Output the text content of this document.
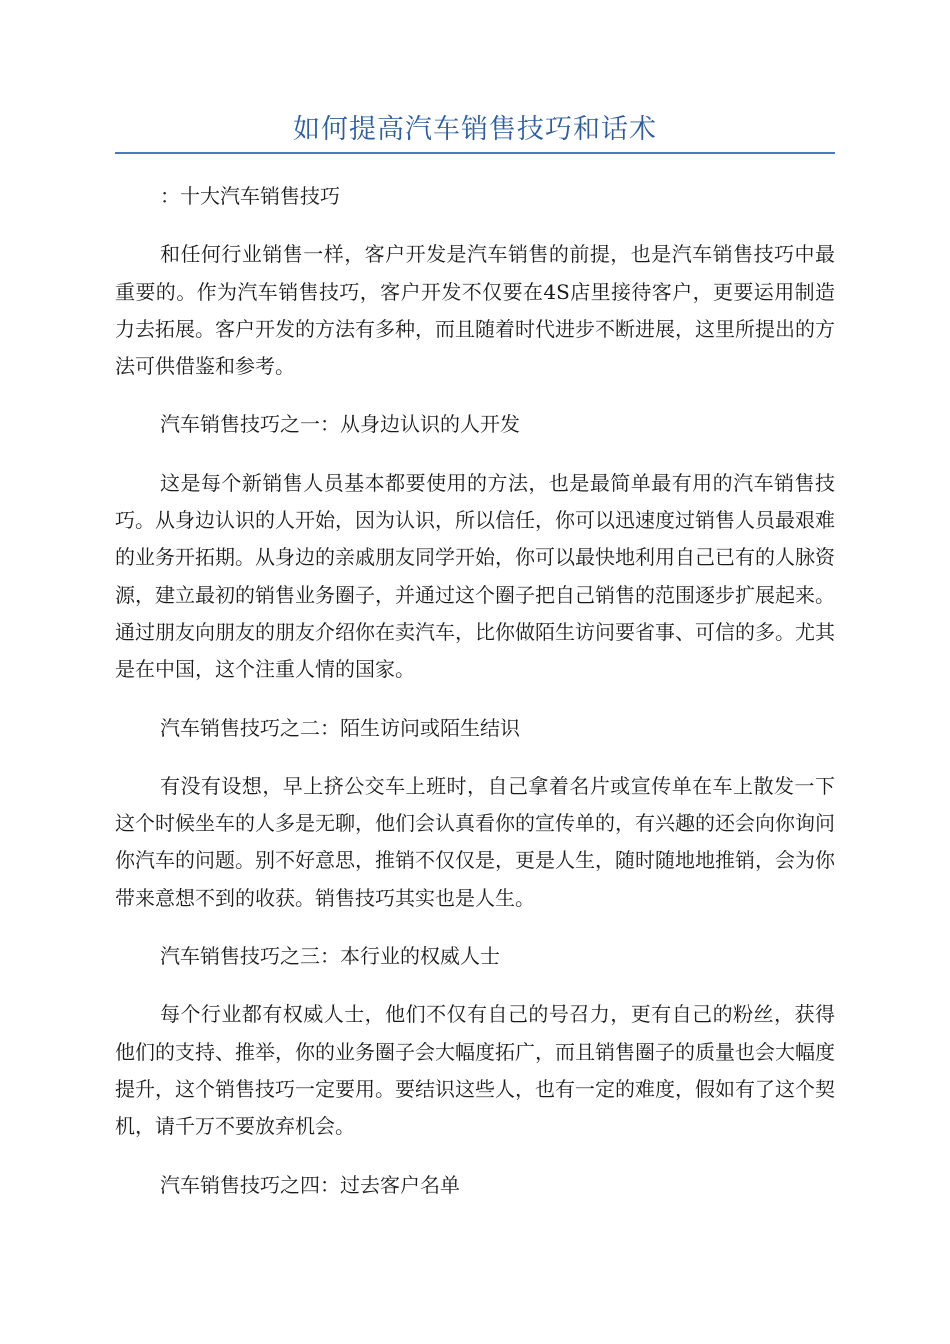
如何提高汽车销售技巧和话术

：十大汽车销售技巧

和任何行业销售一样，客户开发是汽车销售的前提，也是汽车销售技巧中最重要的。作为汽车销售技巧，客户开发不仅要在4S店里接待客户，更要运用制造力去拓展。客户开发的方法有多种，而且随着时代进步不断进展，这里所提出的方法可供借鉴和参考。

汽车销售技巧之一：从身边认识的人开发

这是每个新销售人员基本都要使用的方法，也是最简单最有用的汽车销售技巧。从身边认识的人开始，因为认识，所以信任，你可以迅速度过销售人员最艰难的业务开拓期。从身边的亲戚朋友同学开始，你可以最快地利用自己已有的人脉资源，建立最初的销售业务圈子，并通过这个圈子把自己销售的范围逐步扩展起来。通过朋友向朋友的朋友介绍你在卖汽车，比你做陌生访问要省事、可信的多。尤其是在中国，这个注重人情的国家。

汽车销售技巧之二：陌生访问或陌生结识

有没有设想，早上挤公交车上班时，自己拿着名片或宣传单在车上散发一下这个时候坐车的人多是无聊，他们会认真看你的宣传单的，有兴趣的还会向你询问你汽车的问题。别不好意思，推销不仅仅是，更是人生，随时随地地推销，会为你带来意想不到的收获。销售技巧其实也是人生。

汽车销售技巧之三：本行业的权威人士

每个行业都有权威人士，他们不仅有自己的号召力，更有自己的粉丝，获得他们的支持、推举，你的业务圈子会大幅度拓广，而且销售圈子的质量也会大幅度提升，这个销售技巧一定要用。要结识这些人，也有一定的难度，假如有了这个契机，请千万不要放弃机会。

汽车销售技巧之四：过去客户名单
